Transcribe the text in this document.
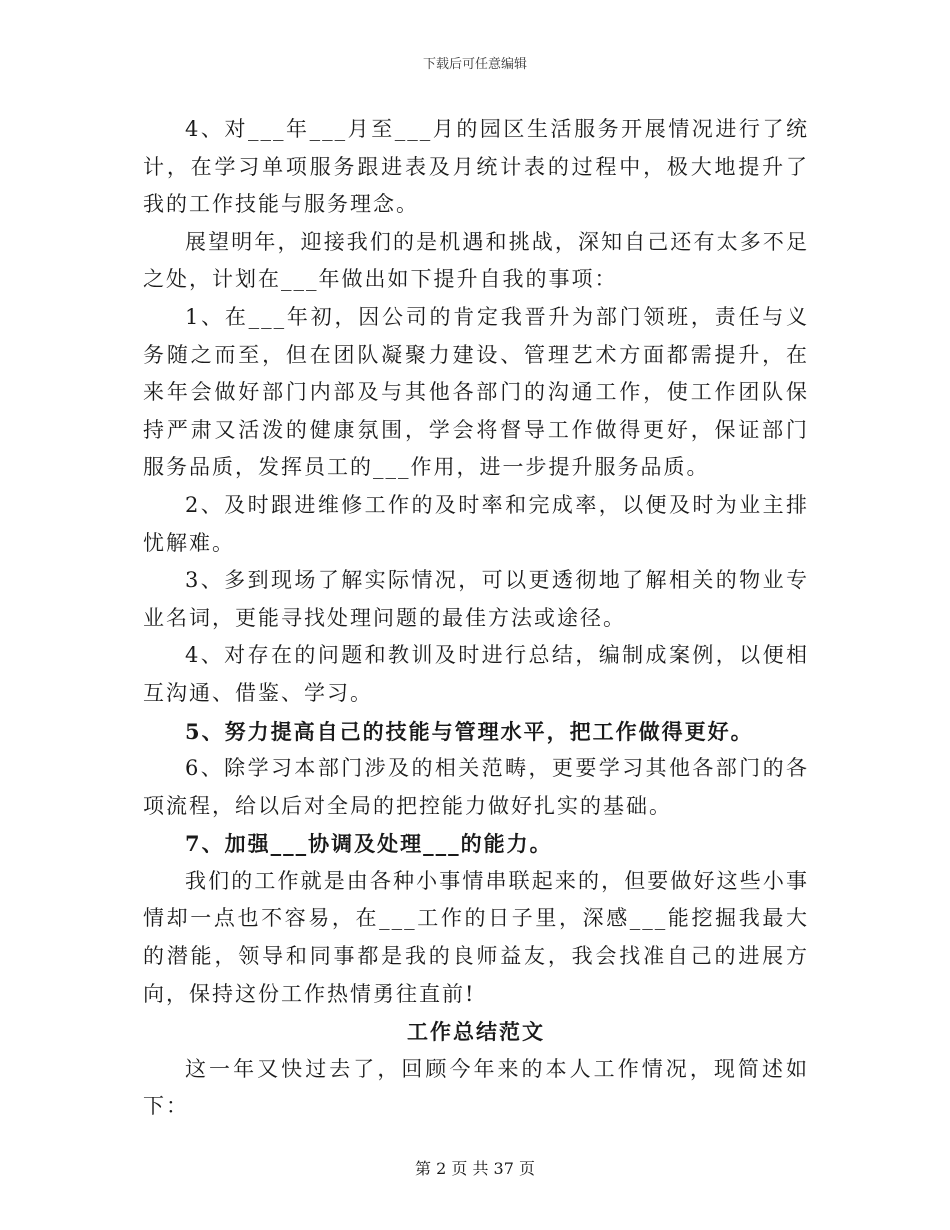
下载后可任意编辑

4、对___年___月至___月的园区生活服务开展情况进行了统计，在学习单项服务跟进表及月统计表的过程中，极大地提升了我的工作技能与服务理念。

展望明年，迎接我们的是机遇和挑战，深知自己还有太多不足之处，计划在___年做出如下提升自我的事项：

1、在___年初，因公司的肯定我晋升为部门领班，责任与义务随之而至，但在团队凝聚力建设、管理艺术方面都需提升，在来年会做好部门内部及与其他各部门的沟通工作，使工作团队保持严肃又活泼的健康氛围，学会将督导工作做得更好，保证部门服务品质，发挥员工的___作用，进一步提升服务品质。

2、及时跟进维修工作的及时率和完成率，以便及时为业主排忧解难。

3、多到现场了解实际情况，可以更透彻地了解相关的物业专业名词，更能寻找处理问题的最佳方法或途径。

4、对存在的问题和教训及时进行总结，编制成案例，以便相互沟通、借鉴、学习。

5、努力提高自己的技能与管理水平，把工作做得更好。

6、除学习本部门涉及的相关范畴，更要学习其他各部门的各项流程，给以后对全局的把控能力做好扎实的基础。

7、加强___协调及处理___的能力。

我们的工作就是由各种小事情串联起来的，但要做好这些小事情却一点也不容易，在___工作的日子里，深感___能挖掘我最大的潜能，领导和同事都是我的良师益友，我会找准自己的进展方向，保持这份工作热情勇往直前!

工作总结范文

这一年又快过去了，回顾今年来的本人工作情况，现简述如下：

第 2 页 共 37 页
